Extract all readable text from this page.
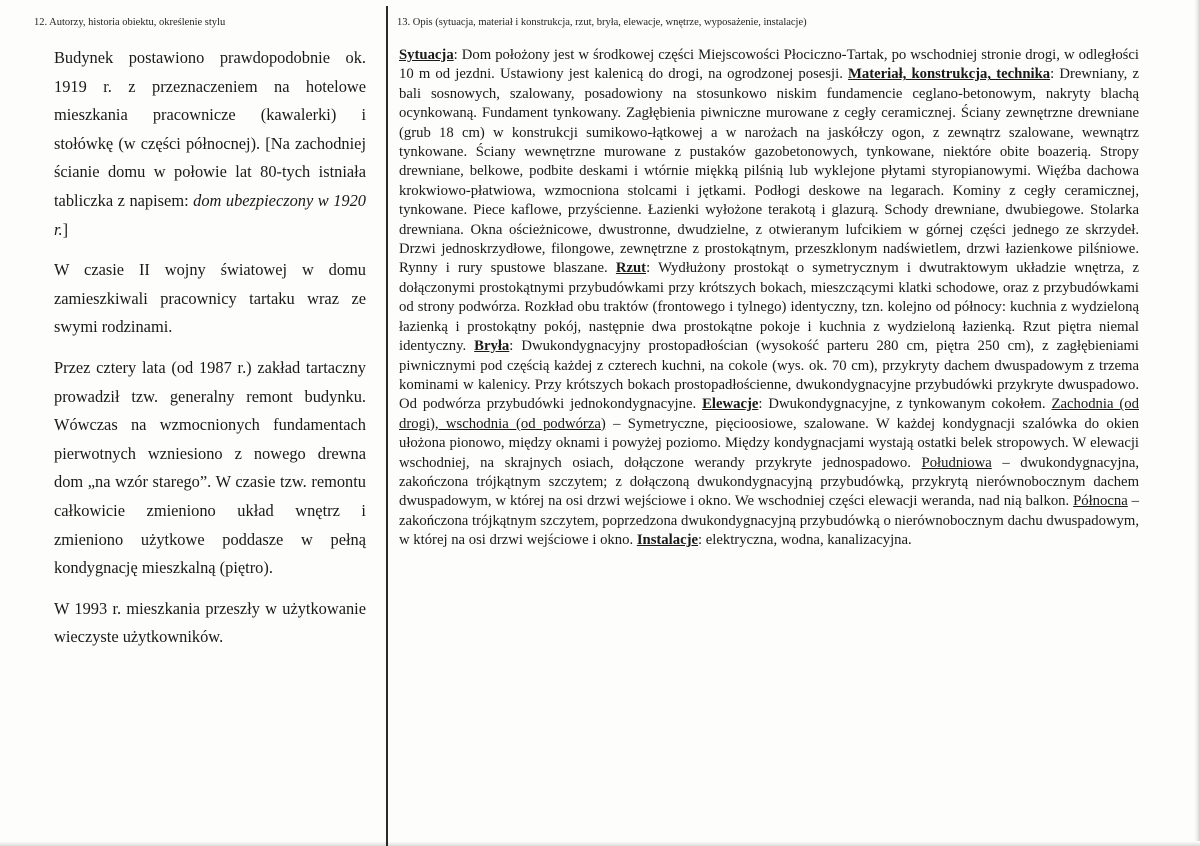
12. Autorzy, historia obiektu, określenie stylu	13. Opis (sytuacja, materiał i konstrukcja, rzut, bryła, elewacje, wnętrze, wyposażenie, instalacje)

Budynek postawiono prawdopodobnie ok. 1919 r. z przeznaczeniem na hotelowe mieszkania pracownicze (kawalerki) i stołówkę (w części północnej). [Na zachodniej ścianie domu w połowie lat 80-tych istniała tabliczka z napisem: dom ubezpieczony w 1920 r.]

W czasie II wojny światowej w domu zamieszkiwali pracownicy tartaku wraz ze swymi rodzinami.

Przez cztery lata (od 1987 r.) zakład tartaczny prowadził tzw. generalny remont budynku. Wówczas na wzmocnionych fundamentach pierwotnych wzniesiono z nowego drewna dom „na wzór starego”. W czasie tzw. remontu całkowicie zmieniono układ wnętrz i zmieniono użytkowe poddasze w pełną kondygnację mieszkalną (piętro).

W 1993 r. mieszkania przeszły w użytkowanie wieczyste użytkowników.

Sytuacja: Dom położony jest w środkowej części Miejscowości Płociczno-Tartak, po wschodniej stronie drogi, w odległości 10 m od jezdni. Ustawiony jest kalenicą do drogi, na ogrodzonej posesji. Materiał, konstrukcja, technika: Drewniany, z bali sosnowych, szalowany, posadowiony na stosunkowo niskim fundamencie ceglano-betonowym, nakryty blachą ocynkowaną. Fundament tynkowany. Zagłębienia piwniczne murowane z cegły ceramicznej. Ściany zewnętrzne drewniane (grub 18 cm) w konstrukcji sumikowo-łątkowej a w narożach na jaskółczy ogon, z zewnątrz szalowane, wewnątrz tynkowane. Ściany wewnętrzne murowane z pustaków gazobetonowych, tynkowane, niektóre obite boazerią. Stropy drewniane, belkowe, podbite deskami i wtórnie miękką pilśnią lub wyklejone płytami styropianowymi. Więźba dachowa krokwiowo-płatwiowa, wzmocniona stolcami i jętkami. Podłogi deskowe na legarach. Kominy z cegły ceramicznej, tynkowane. Piece kaflowe, przyścienne. Łazienki wyłożone terakotą i glazurą. Schody drewniane, dwubiegowe. Stolarka drewniana. Okna ościeżnicowe, dwustronne, dwudzielne, z otwieranym lufcikiem w górnej części jednego ze skrzydeł. Drzwi jednoskrzydłowe, filongowe, zewnętrzne z prostokątnym, przeszklonym nadświetlem, drzwi łazienkowe pilśniowe. Rynny i rury spustowe blaszane. Rzut: Wydłużony prostokąt o symetrycznym i dwutraktowym układzie wnętrza, z dołączonymi prostokątnymi przybudówkami przy krótszych bokach, mieszczącymi klatki schodowe, oraz z przybudówkami od strony podwórza. Rozkład obu traktów (frontowego i tylnego) identyczny, tzn. kolejno od północy: kuchnia z wydzieloną łazienką i prostokątny pokój, następnie dwa prostokątne pokoje i kuchnia z wydzieloną łazienką. Rzut piętra niemal identyczny. Bryła: Dwukondygnacyjny prostopadłościan (wysokość parteru 280 cm, piętra 250 cm), z zagłębieniami piwnicznymi pod częścią każdej z czterech kuchni, na cokole (wys. ok. 70 cm), przykryty dachem dwuspadowym z trzema kominami w kalenicy. Przy krótszych bokach prostopadłościenne, dwukondygnacyjne przybudówki przykryte dwuspadowo. Od podwórza przybudówki jednokondygnacyjne. Elewacje: Dwukondygnacyjne, z tynkowanym cokołem. Zachodnia (od drogi), wschodnia (od podwórza) – Symetryczne, pięcioosiowe, szalowane. W każdej kondygnacji szalówka do okien ułożona pionowo, między oknami i powyżej poziomo. Między kondygnacjami wystają ostatki belek stropowych. W elewacji wschodniej, na skrajnych osiach, dołączone werandy przykryte jednospadowo. Południowa – dwukondygnacyjna, zakończona trójkątnym szczytem; z dołączoną dwukondygnacyjną przybudówką, przykrytą nierównobocznym dachem dwuspadowym, w której na osi drzwi wejściowe i okno. We wschodniej części elewacji weranda, nad nią balkon. Północna – zakończona trójkątnym szczytem, poprzedzona dwukondygnacyjną przybudówką o nierównobocznym dachu dwuspadowym, w której na osi drzwi wejściowe i okno. Instalacje: elektryczna, wodna, kanalizacyjna.
